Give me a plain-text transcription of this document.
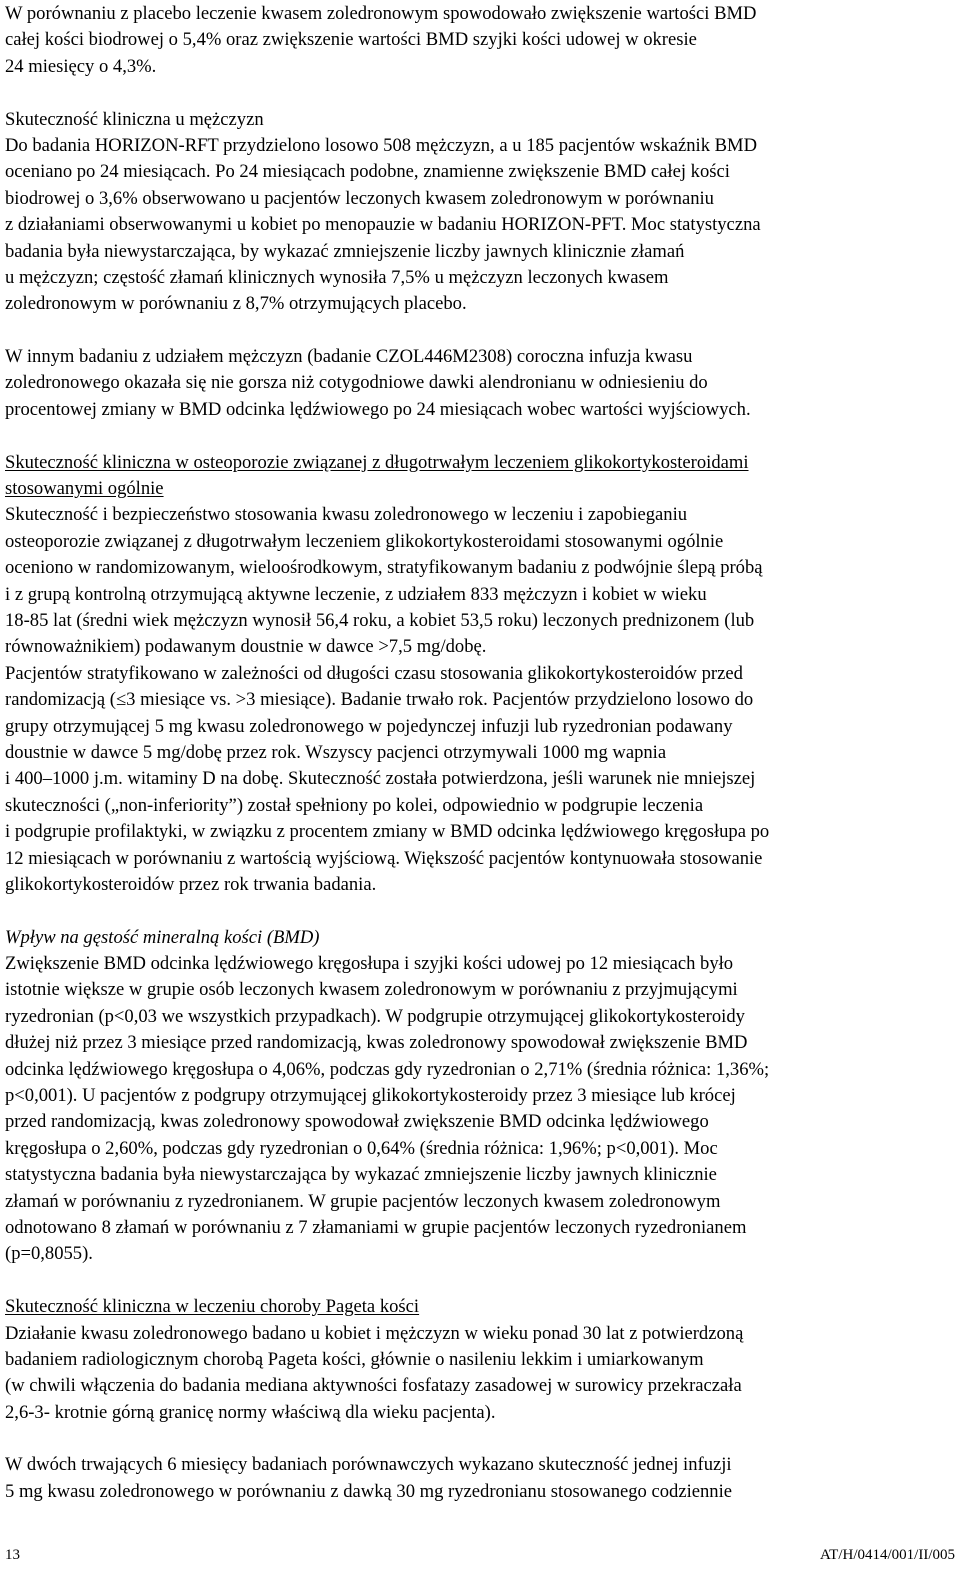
W porównaniu z placebo leczenie kwasem zoledronowym spowodowało zwiększenie wartości BMD
całej kości biodrowej o 5,4% oraz zwiększenie wartości BMD szyjki kości udowej w okresie
24 miesięcy o 4,3%.
Skuteczność kliniczna u mężczyzn
Do badania HORIZON-RFT przydzielono losowo 508 mężczyzn, a u 185 pacjentów wskaźnik BMD
oceniano po 24 miesiącach. Po 24 miesiącach podobne, znamienne zwiększenie BMD całej kości
biodrowej o 3,6% obserwowano u pacjentów leczonych kwasem zoledronowym w porównaniu
z działaniami obserwowanymi u kobiet po menopauzie w badaniu HORIZON-PFT. Moc statystyczna
badania była niewystarczająca, by wykazać zmniejszenie liczby jawnych klinicznie złamań
u mężczyzn; częstość złamań klinicznych wynosiła 7,5% u mężczyzn leczonych kwasem
zoledronowym w porównaniu z 8,7% otrzymujących placebo.
W innym badaniu z udziałem mężczyzn (badanie CZOL446M2308) coroczna infuzja kwasu
zoledronowego okazała się nie gorsza niż cotygodniowe dawki alendronianu w odniesieniu do
procentowej zmiany w BMD odcinka lędźwiowego po 24 miesiącach wobec wartości wyjściowych.
Skuteczność kliniczna w osteoporozie związanej z długotrwałym leczeniem glikokortykosteroidami
stosowanymi ogólnie
Skuteczność i bezpieczeństwo stosowania kwasu zoledronowego w leczeniu i zapobieganiu
osteoporozie związanej z długotrwałym leczeniem glikokortykosteroidami stosowanymi ogólnie
oceniono w randomizowanym, wieloośrodkowym, stratyfikowanym badaniu z podwójnie ślepą próbą
i z grupą kontrolną otrzymującą aktywne leczenie, z udziałem 833 mężczyzn i kobiet w wieku
18-85 lat (średni wiek mężczyzn wynosił 56,4 roku, a kobiet 53,5 roku) leczonych prednizonem (lub
równoważnikiem) podawanym doustnie w dawce >7,5 mg/dobę.
Pacjentów stratyfikowano w zależności od długości czasu stosowania glikokortykosteroidów przed
randomizacją (≤3 miesiące vs. >3 miesiące). Badanie trwało rok. Pacjentów przydzielono losowo do
grupy otrzymującej 5 mg kwasu zoledronowego w pojedynczej infuzji lub ryzedronian podawany
doustnie w dawce 5 mg/dobę przez rok. Wszyscy pacjenci otrzymywali 1000 mg wapnia
i 400–1000 j.m. witaminy D na dobę. Skuteczność została potwierdzona, jeśli warunek nie mniejszej
skuteczności („non-inferiority”) został spełniony po kolei, odpowiednio w podgrupie leczenia
i podgrupie profilaktyki, w związku z procentem zmiany w BMD odcinka lędźwiowego kręgosłupa po
12 miesiącach w porównaniu z wartością wyjściową. Większość pacjentów kontynuowała stosowanie
glikokortykosteroidów przez rok trwania badania.
Wpływ na gęstość mineralną kości (BMD)
Zwiększenie BMD odcinka lędźwiowego kręgosłupa i szyjki kości udowej po 12 miesiącach było
istotnie większe w grupie osób leczonych kwasem zoledronowym w porównaniu z przyjmującymi
ryzedronian (p<0,03 we wszystkich przypadkach). W podgrupie otrzymującej glikokortykosteroidy
dłużej niż przez 3 miesiące przed randomizacją, kwas zoledronowy spowodował zwiększenie BMD
odcinka lędźwiowego kręgosłupa o 4,06%, podczas gdy ryzedronian o 2,71% (średnia różnica: 1,36%;
p<0,001). U pacjentów z podgrupy otrzymującej glikokortykosteroidy przez 3 miesiące lub krócej
przed randomizacją, kwas zoledronowy spowodował zwiększenie BMD odcinka lędźwiowego
kręgosłupa o 2,60%, podczas gdy ryzedronian o 0,64% (średnia różnica: 1,96%; p<0,001). Moc
statystyczna badania była niewystarczająca by wykazać zmniejszenie liczby jawnych klinicznie
złamań w porównaniu z ryzedronianem. W grupie pacjentów leczonych kwasem zoledronowym
odnotowano 8 złamań w porównaniu z 7 złamaniami w grupie pacjentów leczonych ryzedronianem
(p=0,8055).
Skuteczność kliniczna w leczeniu choroby Pageta kości
Działanie kwasu zoledronowego badano u kobiet i mężczyzn w wieku ponad 30 lat z potwierdzoną
badaniem radiologicznym chorobą Pageta kości, głównie o nasileniu lekkim i umiarkowanym
(w chwili włączenia do badania mediana aktywności fosfatazy zasadowej w surowicy przekraczała
2,6-3- krotnie górną granicę normy właściwą dla wieku pacjenta).
W dwóch trwających 6 miesięcy badaniach porównawczych wykazano skuteczność jednej infuzji
5 mg kwasu zoledronowego w porównaniu z dawką 30 mg ryzedronianu stosowanego codziennie
13	AT/H/0414/001/II/005
